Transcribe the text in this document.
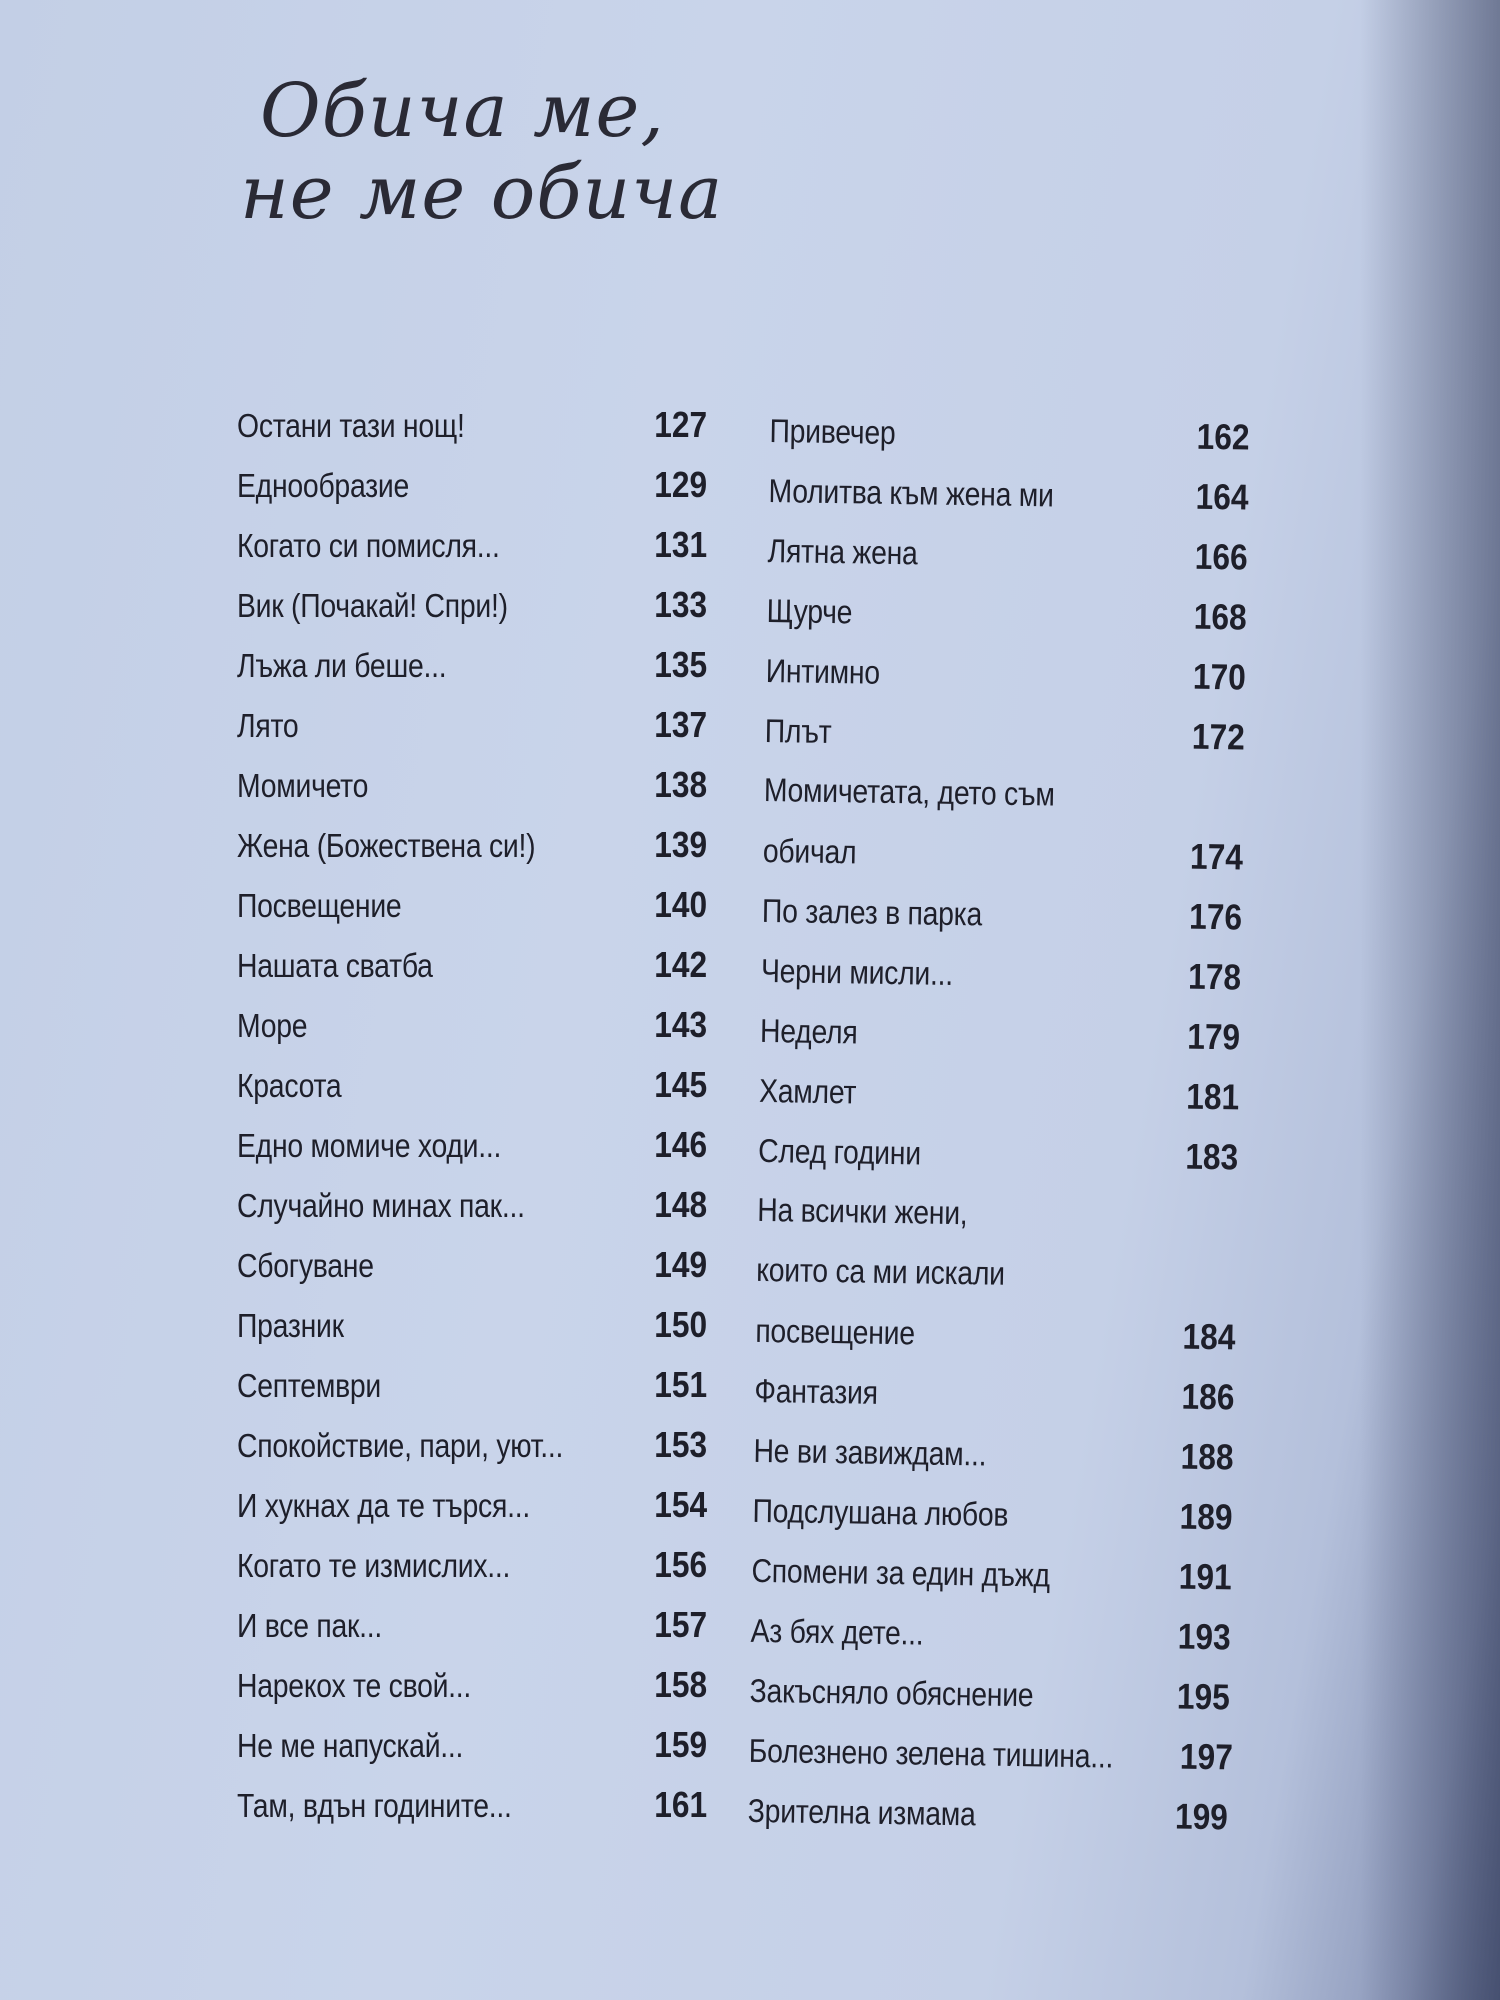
Обича ме,
не ме обича
Остани тази нощ!	127
Еднообразие	129
Когато си помисля...	131
Вик (Почакай! Спри!)	133
Лъжа ли беше...	135
Лято	137
Момичето	138
Жена (Божествена си!)	139
Посвещение	140
Нашата сватба	142
Море	143
Красота	145
Едно момиче ходи...	146
Случайно минах пак...	148
Сбогуване	149
Празник	150
Септември	151
Спокойствие, пари, уют...	153
И хукнах да те търся...	154
Когато те измислих...	156
И все пак...	157
Нарекох те свой...	158
Не ме напускай...	159
Там, вдън годините...	161
Привечер	162
Молитва към жена ми	164
Лятна жена	166
Щурче	168
Интимно	170
Плът	172
Момичетата, дето съм
обичал	174
По залез в парка	176
Черни мисли...	178
Неделя	179
Хамлет	181
След години	183
На всички жени,
които са ми искали
посвещение	184
Фантазия	186
Не ви завиждам...	188
Подслушана любов	189
Спомени за един дъжд	191
Аз бях дете...	193
Закъсняло обяснение	195
Болезнено зелена тишина... 197
Зрителна измама	199
